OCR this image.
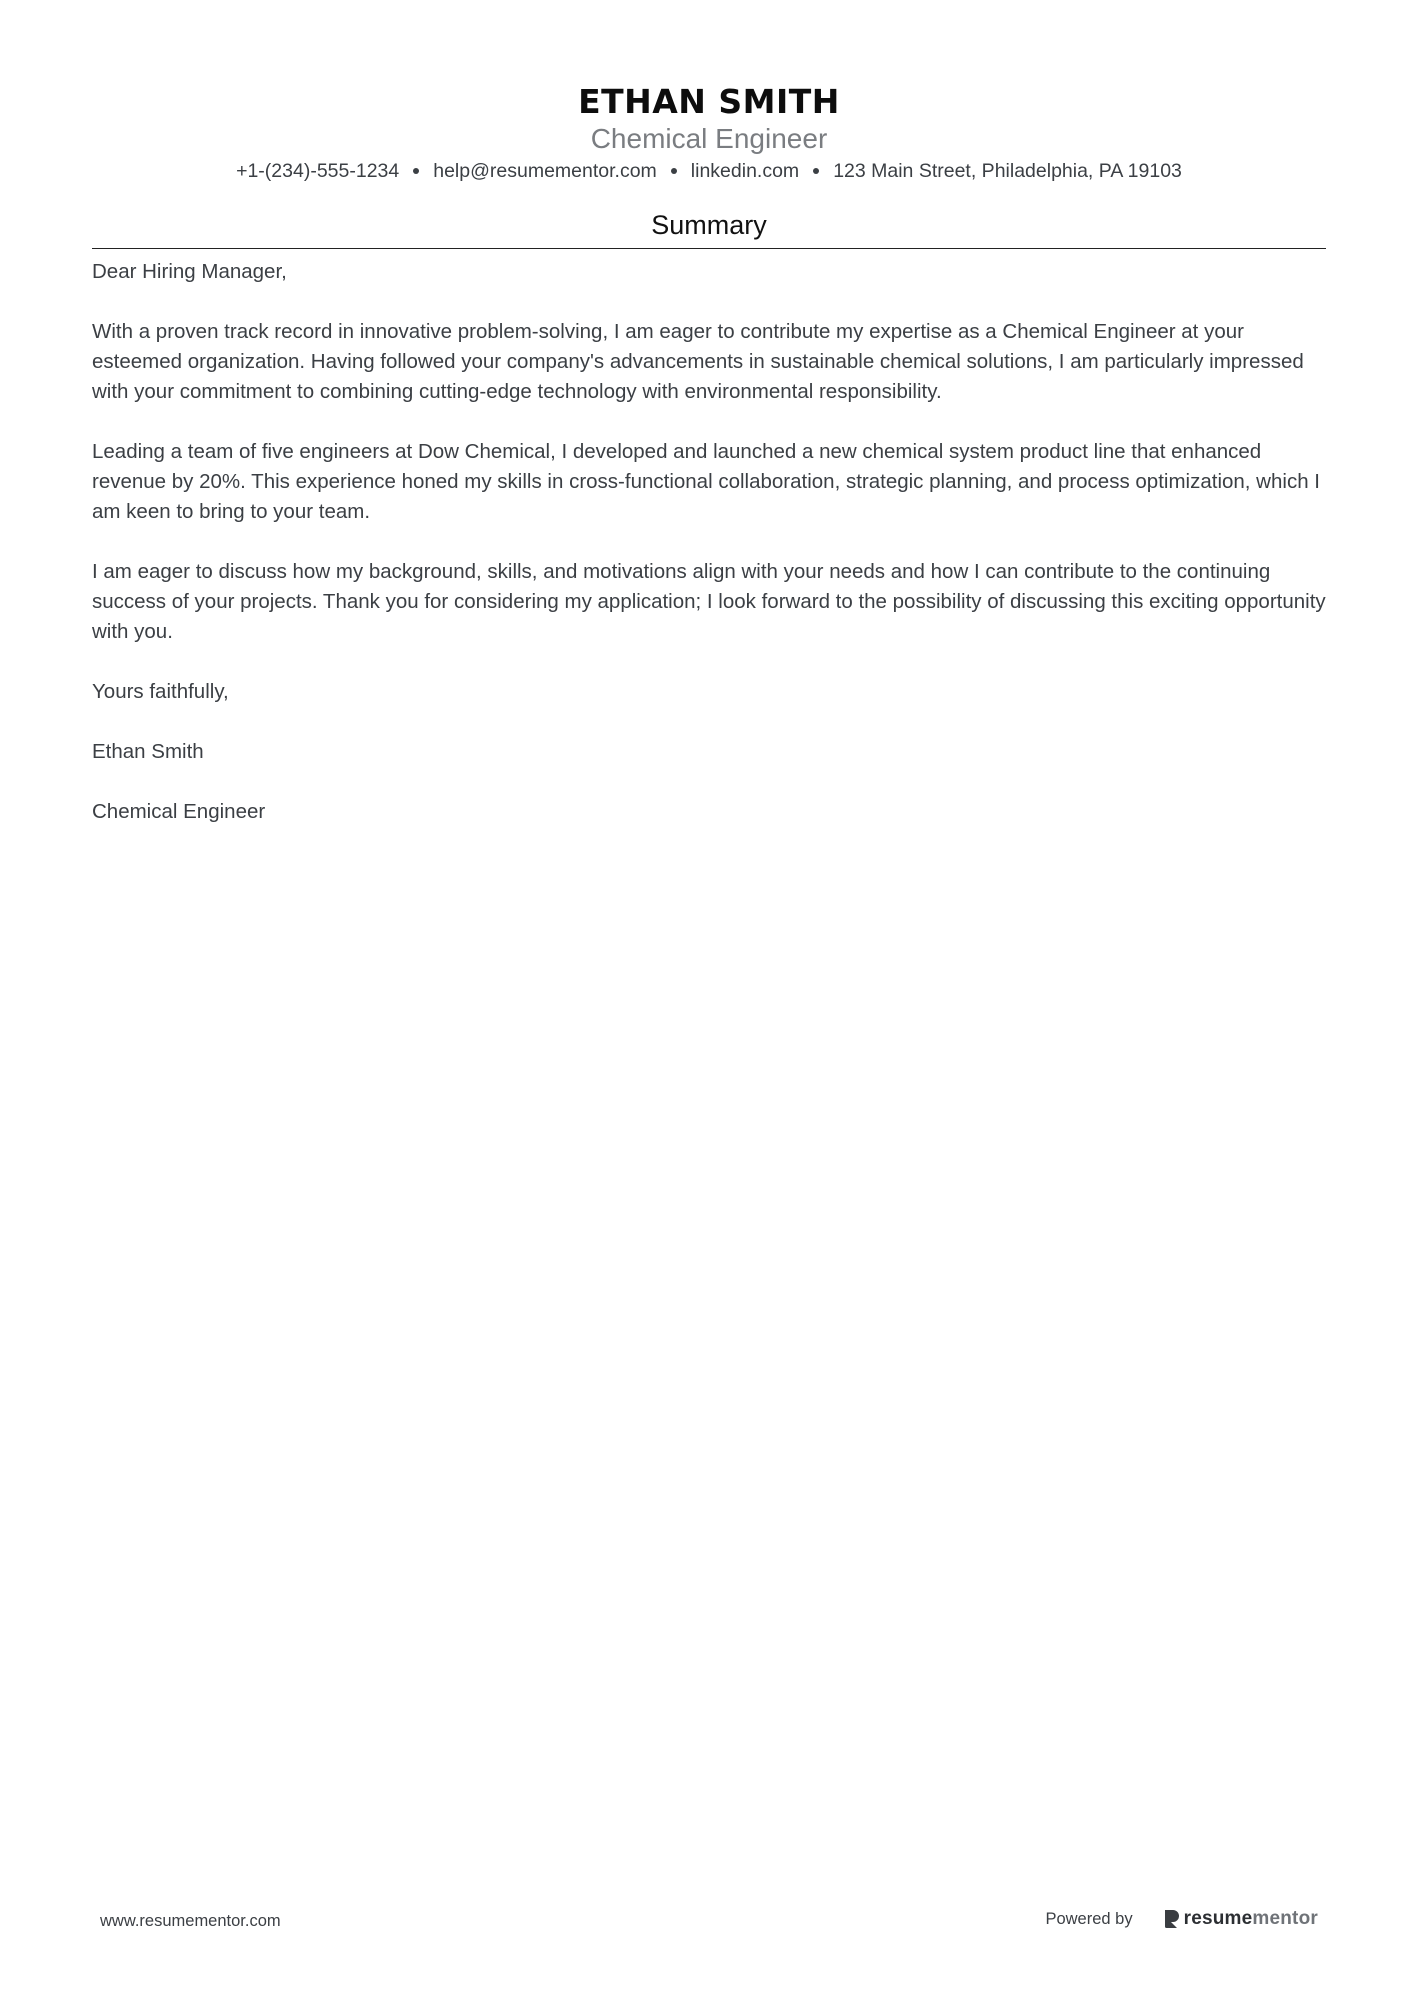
ETHAN SMITH
Chemical Engineer
+1-(234)-555-1234 help@resumementor.com linkedin.com 123 Main Street, Philadelphia, PA 19103
Summary

Dear Hiring Manager,

With a proven track record in innovative problem-solving, I am eager to contribute my expertise as a Chemical Engineer at your esteemed organization. Having followed your company's advancements in sustainable chemical solutions, I am particularly impressed with your commitment to combining cutting-edge technology with environmental responsibility.

Leading a team of five engineers at Dow Chemical, I developed and launched a new chemical system product line that enhanced revenue by 20%. This experience honed my skills in cross-functional collaboration, strategic planning, and process optimization, which I am keen to bring to your team.

I am eager to discuss how my background, skills, and motivations align with your needs and how I can contribute to the continuing success of your projects. Thank you for considering my application; I look forward to the possibility of discussing this exciting opportunity with you.

Yours faithfully,

Ethan Smith

Chemical Engineer

www.resumementor.com	Powered by	resume mentor
